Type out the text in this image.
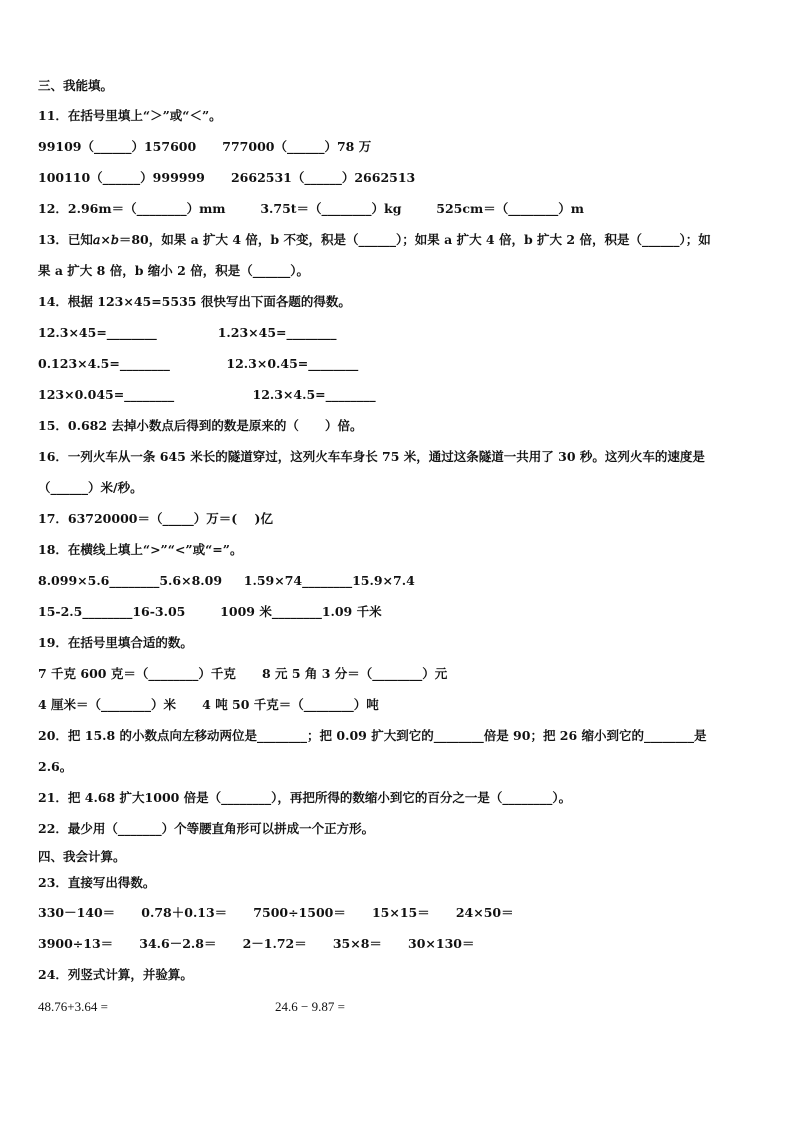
三、我能填。
11．在括号里填上“＞”或“＜”。
99109（______）157600      777000（______）78 万
100110（______）999999      2662531（______）2662513
12．2.96m＝（________）mm        3.75t＝（________）kg        525cm＝（________）m
13．已知𝑎×𝑏＝80，如果 a 扩大 4 倍，b 不变，积是（______）；如果 a 扩大 4 倍，b 扩大 2 倍，积是（______）；如
果 a 扩大 8 倍，b 缩小 2 倍，积是（______）。
14．根据 123×45=5535 很快写出下面各题的得数。
12.3×45=________              1.23×45=________
0.123×4.5=________             12.3×0.45=________
123×0.045=________                  12.3×4.5=________
15．0.682 去掉小数点后得到的数是原来的（      ）倍。
16．一列火车从一条 645 米长的隧道穿过，这列火车车身长 75 米，通过这条隧道一共用了 30 秒。这列火车的速度是
（______）米/秒。
17．63720000＝（_____）万＝(    )亿
18．在横线上填上“>”“<”或“=”。
8.099×5.6________5.6×8.09     1.59×74________15.9×7.4
15-2.5________16-3.05        1009 米________1.09 千米
19．在括号里填合适的数。
7 千克 600 克＝（________）千克      8 元 5 角 3 分＝（________）元
4 厘米＝（________）米      4 吨 50 千克＝（________）吨
20．把 15.8 的小数点向左移动两位是________；把 0.09 扩大到它的________倍是 90；把 26 缩小到它的________是
2.6。
21．把 4.68 扩大1000 倍是（________），再把所得的数缩小到它的百分之一是（________）。
22．最少用（_______）个等腰直角形可以拼成一个正方形。
四、我会计算。
23．直接写出得数。
330－140＝      0.78＋0.13＝      7500÷1500＝      15×15＝      24×50＝
3900÷13＝      34.6－2.8＝      2－1.72＝      35×8＝      30×130＝
24．列竖式计算，并验算。
48.76+3.64 =	24.6 − 9.87 =
